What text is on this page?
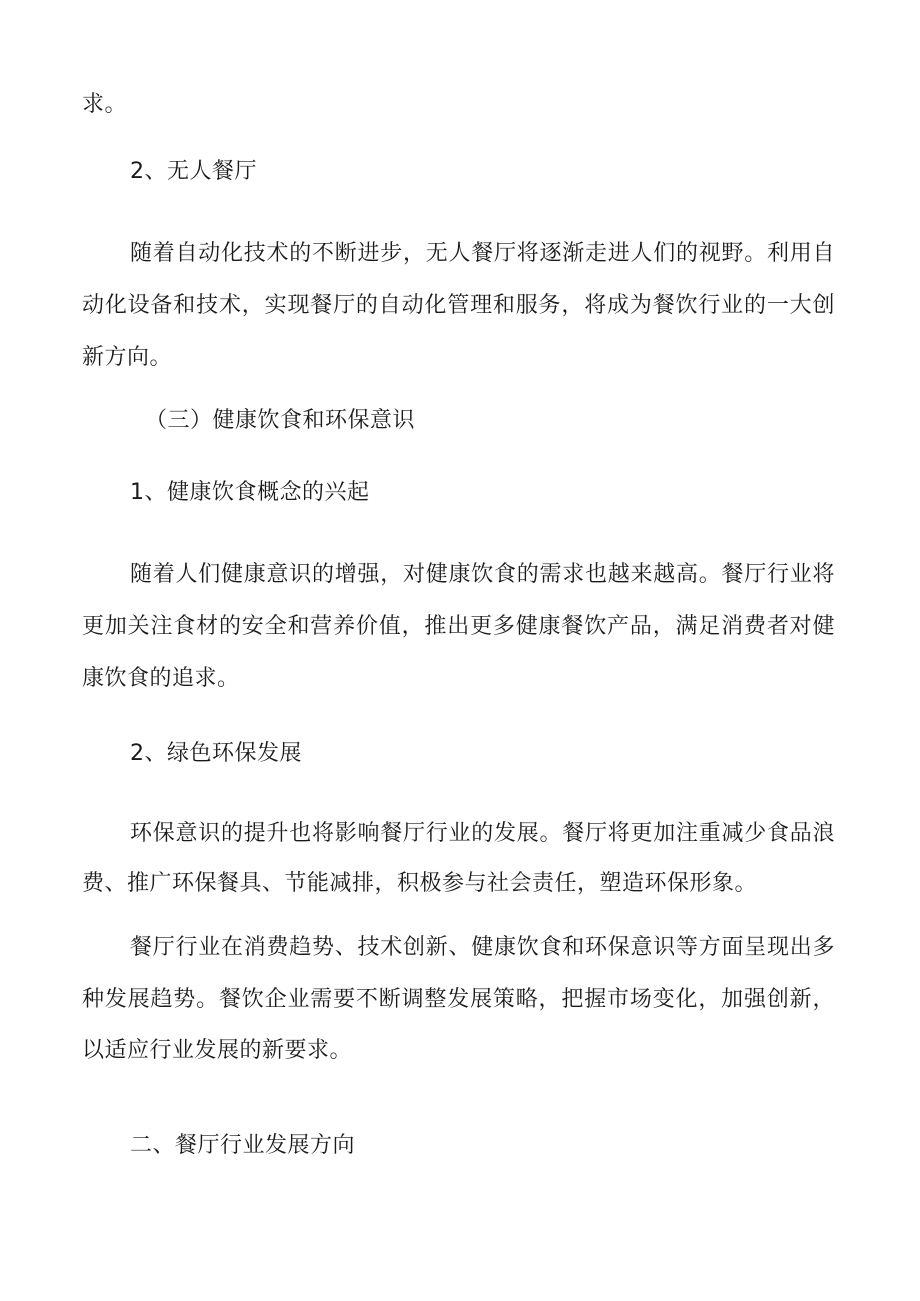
求。
2、无人餐厅
随着自动化技术的不断进步，无人餐厅将逐渐走进人们的视野。利用自
动化设备和技术，实现餐厅的自动化管理和服务，将成为餐饮行业的一大创
新方向。
（三）健康饮食和环保意识
1、健康饮食概念的兴起
随着人们健康意识的增强，对健康饮食的需求也越来越高。餐厅行业将
更加关注食材的安全和营养价值，推出更多健康餐饮产品，满足消费者对健
康饮食的追求。
2、绿色环保发展
环保意识的提升也将影响餐厅行业的发展。餐厅将更加注重减少食品浪
费、推广环保餐具、节能减排，积极参与社会责任，塑造环保形象。
餐厅行业在消费趋势、技术创新、健康饮食和环保意识等方面呈现出多
种发展趋势。餐饮企业需要不断调整发展策略，把握市场变化，加强创新，
以适应行业发展的新要求。
二、餐厅行业发展方向
